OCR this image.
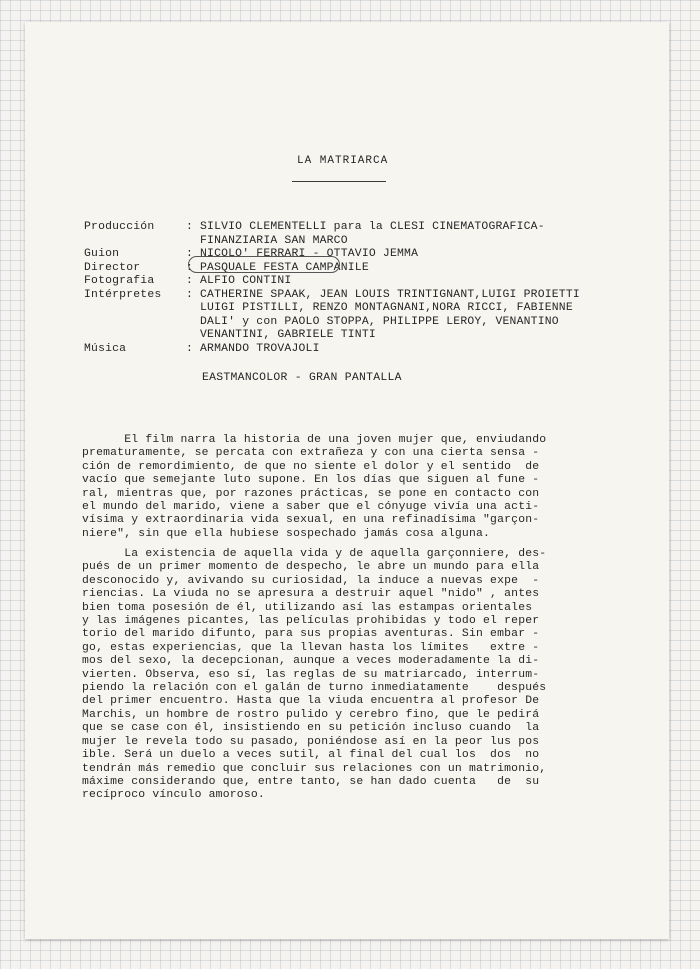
LA MATRIARCA
Producción	: SILVIO CLEMENTELLI para la CLESI CINEMATOGRAFICA-
FINANZIARIA SAN MARCO
Guion	: NICOLO' FERRARI - OTTAVIO JEMMA
Director	: PASQUALE FESTA CAMPANILE
Fotografia	: ALFIO CONTINI
Intérpretes	: CATHERINE SPAAK, JEAN LOUIS TRINTIGNANT,LUIGI PROIETTI
LUIGI PISTILLI, RENZO MONTAGNANI,NORA RICCI, FABIENNE
DALI' y con PAOLO STOPPA, PHILIPPE LEROY, VENANTINO
VENANTINI, GABRIELE TINTI
Música	: ARMANDO TROVAJOLI
EASTMANCOLOR - GRAN PANTALLA
El film narra la historia de una joven mujer que, enviudando
prematuramente, se percata con extrañeza y con una cierta sensa -
ción de remordimiento, de que no siente el dolor y el sentido  de
vacío que semejante luto supone. En los días que siguen al fune -
ral, mientras que, por razones prácticas, se pone en contacto con
el mundo del marido, viene a saber que el cónyuge vivía una acti-
vísima y extraordinaria vida sexual, en una refinadísima "garçon-
niere", sin que ella hubiese sospechado jamás cosa alguna.
La existencia de aquella vida y de aquella garçonniere, des-
pués de un primer momento de despecho, le abre un mundo para ella
desconocido y, avivando su curiosidad, la induce a nuevas expe  -
riencias. La viuda no se apresura a destruir aquel "nido" , antes
bien toma posesión de él, utilizando así las estampas orientales
y las imágenes picantes, las películas prohibidas y todo el reper
torio del marido difunto, para sus propias aventuras. Sin embar -
go, estas experiencias, que la llevan hasta los límites   extre -
mos del sexo, la decepcionan, aunque a veces moderadamente la di-
vierten. Observa, eso sí, las reglas de su matriarcado, interrum-
piendo la relación con el galán de turno inmediatamente    después
del primer encuentro. Hasta que la viuda encuentra al profesor De
Marchis, un hombre de rostro pulido y cerebro fino, que le pedirá
que se case con él, insistiendo en su petición incluso cuando  la
mujer le revela todo su pasado, poniéndose así en la peor lus pos
ible. Será un duelo a veces sutil, al final del cual los  dos  no
tendrán más remedio que concluir sus relaciones con un matrimonio,
máxime considerando que, entre tanto, se han dado cuenta   de  su
recíproco vínculo amoroso.
